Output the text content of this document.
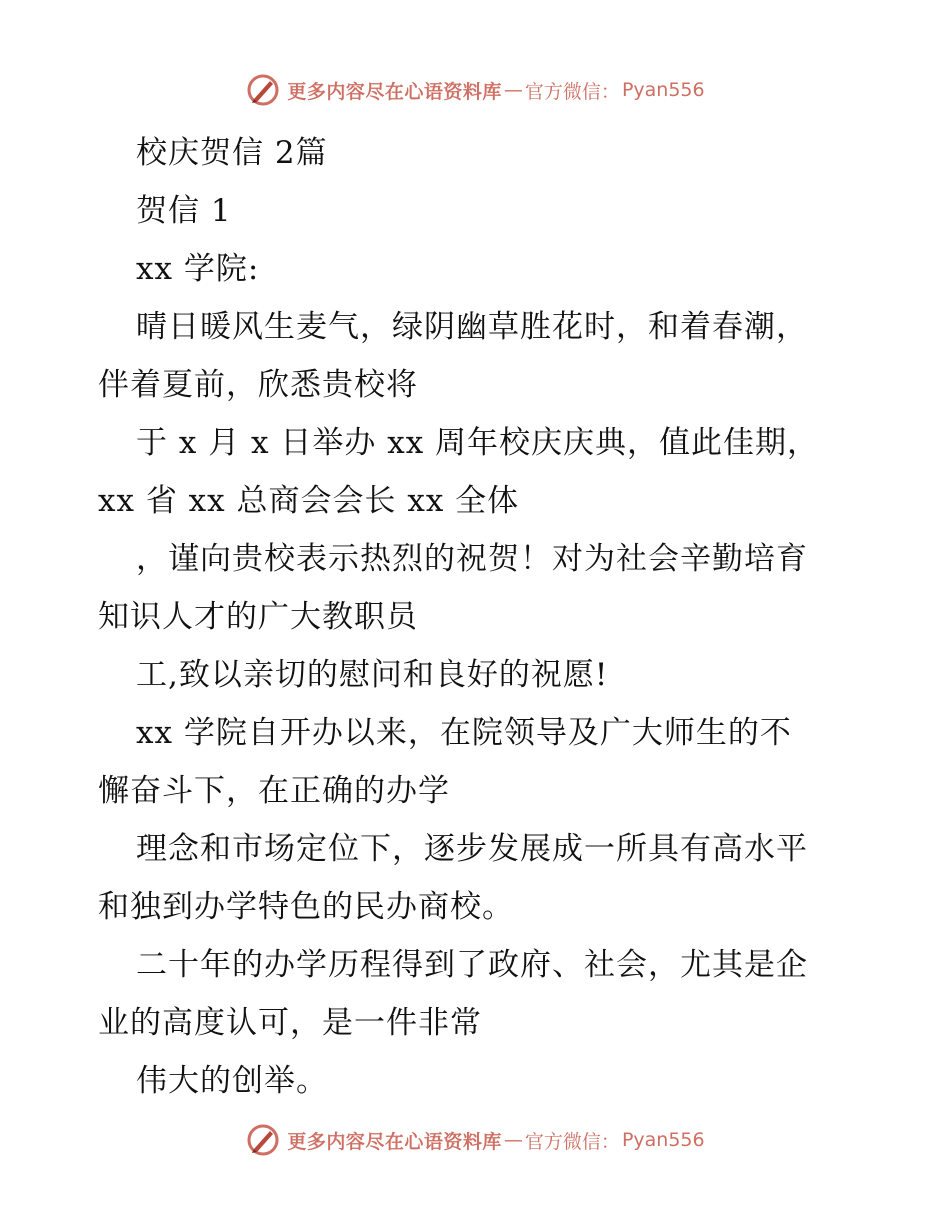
更多内容尽在心语资料库 — 官方微信： Pyan556
校庆贺信 2篇
贺信 1
xx 学院:
晴日暖风生麦气，绿阴幽草胜花时，和着春潮，
伴着夏前，欣悉贵校将
于 x 月 x 日举办 xx 周年校庆庆典，值此佳期，
xx 省 xx 总商会会长 xx 全体
，谨向贵校表示热烈的祝贺！对为社会辛勤培育
知识人才的广大教职员
工,致以亲切的慰问和良好的祝愿!
xx 学院自开办以来，在院领导及广大师生的不
懈奋斗下，在正确的办学
理念和市场定位下，逐步发展成一所具有高水平
和独到办学特色的民办商校。
二十年的办学历程得到了政府、社会，尤其是企
业的高度认可，是一件非常
伟大的创举。
更多内容尽在心语资料库 — 官方微信： Pyan556
